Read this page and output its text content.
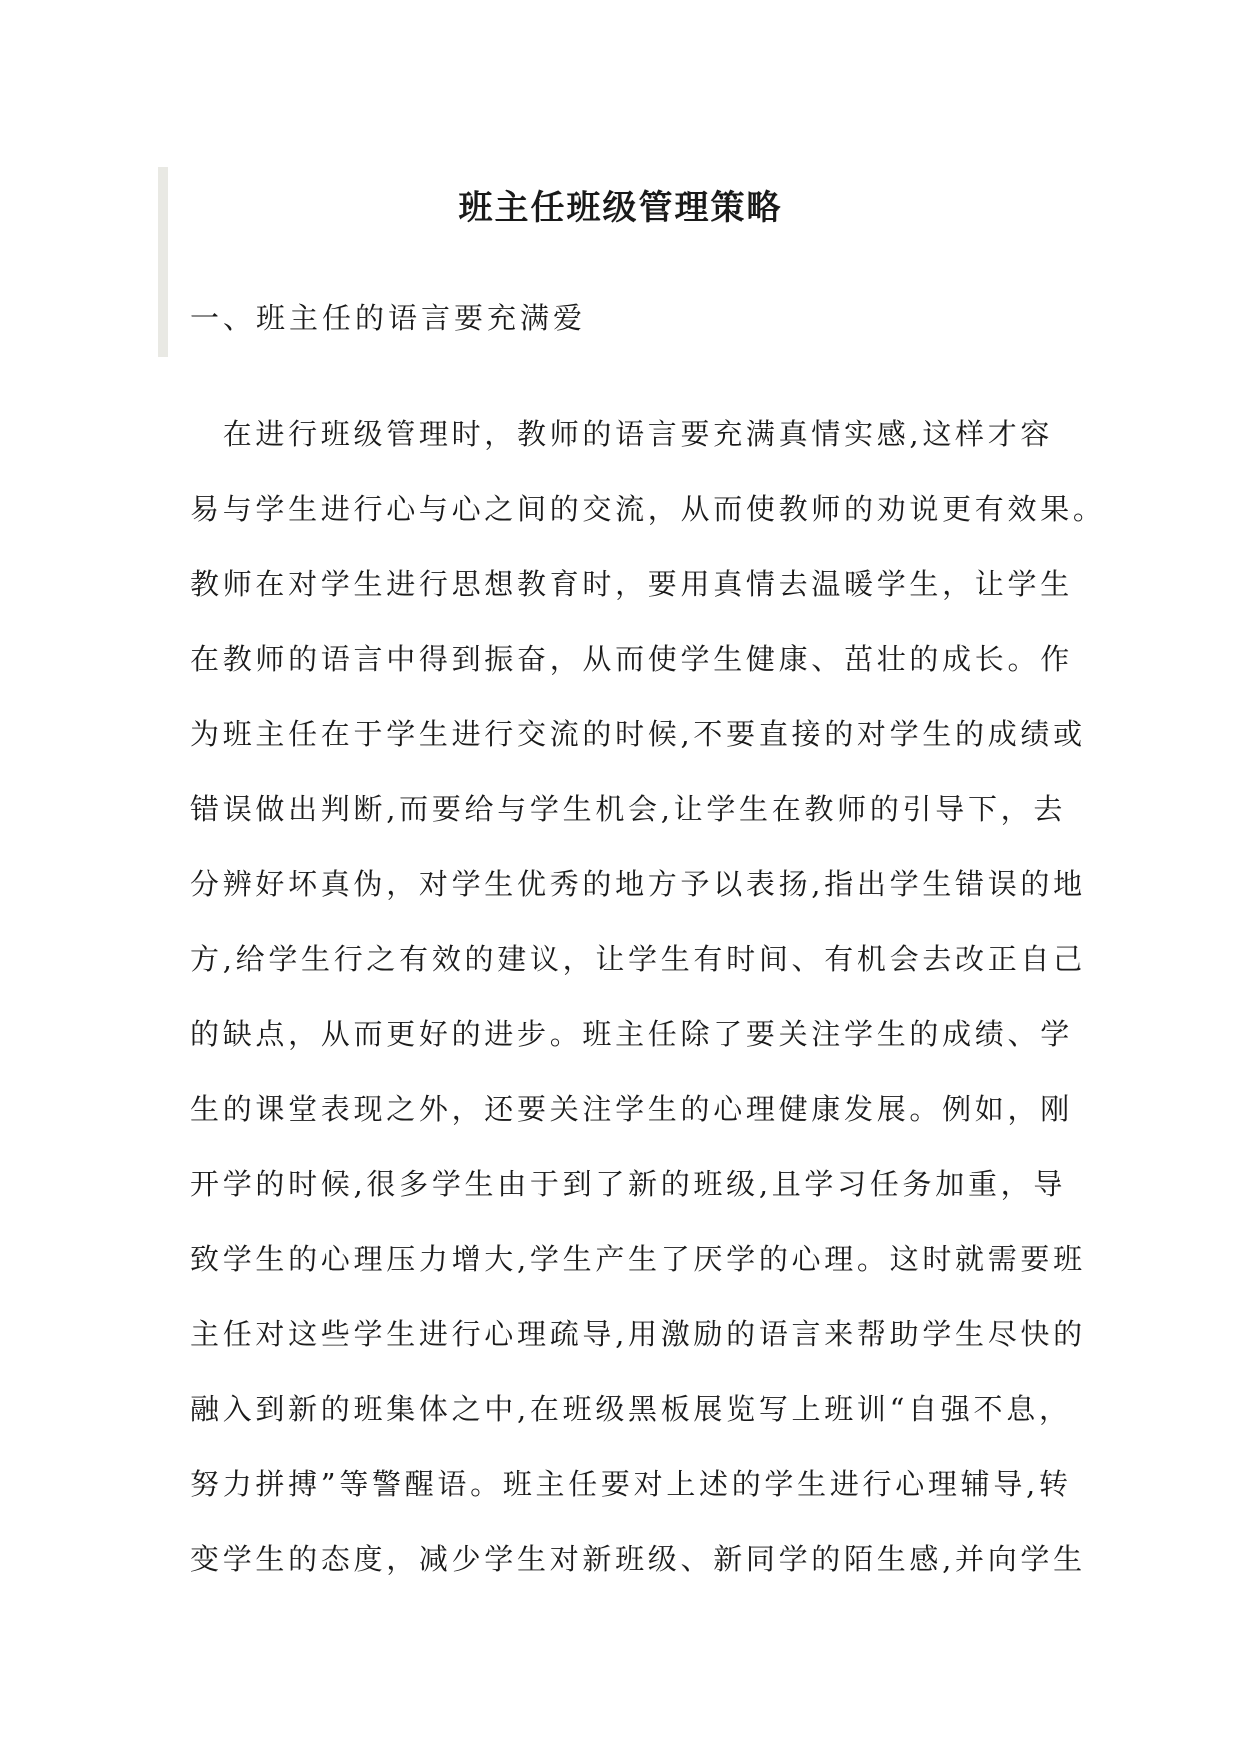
班主任班级管理策略
一、班主任的语言要充满爱
　在进行班级管理时，教师的语言要充满真情实感,这样才容
易与学生进行心与心之间的交流，从而使教师的劝说更有效果。
教师在对学生进行思想教育时，要用真情去温暖学生，让学生
在教师的语言中得到振奋，从而使学生健康、茁壮的成长。作
为班主任在于学生进行交流的时候,不要直接的对学生的成绩或
错误做出判断,而要给与学生机会,让学生在教师的引导下，去
分辨好坏真伪，对学生优秀的地方予以表扬,指出学生错误的地
方,给学生行之有效的建议，让学生有时间、有机会去改正自己
的缺点，从而更好的进步。班主任除了要关注学生的成绩、学
生的课堂表现之外，还要关注学生的心理健康发展。例如，刚
开学的时候,很多学生由于到了新的班级,且学习任务加重，导
致学生的心理压力增大,学生产生了厌学的心理。这时就需要班
主任对这些学生进行心理疏导,用激励的语言来帮助学生尽快的
融入到新的班集体之中,在班级黑板展览写上班训“自强不息，
努力拼搏”等警醒语。班主任要对上述的学生进行心理辅导,转
变学生的态度，减少学生对新班级、新同学的陌生感,并向学生
